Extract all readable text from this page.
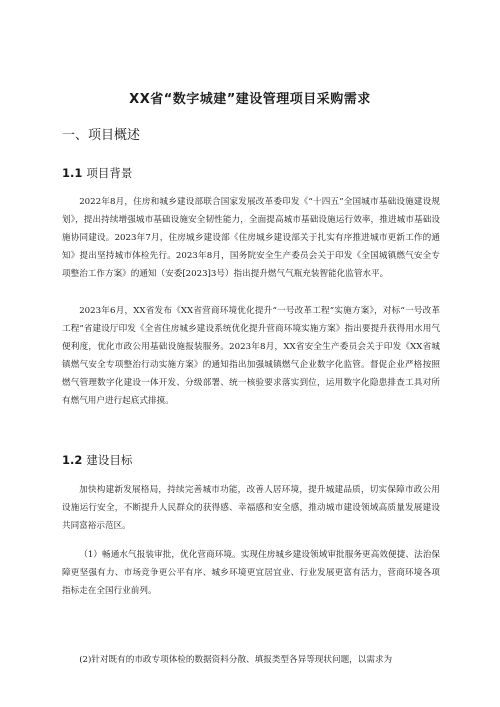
XX省“数字城建”建设管理项目采购需求
一、项目概述
1.1 项目背景

2022年8月，住房和城乡建设部联合国家发展改革委印发《“十四五”全国城市基础设施建设规划》，提出持续增强城市基础设施安全韧性能力，全面提高城市基础设施运行效率，推进城市基础设施协同建设。2023年7月，住房城乡建设部《住房城乡建设部关于扎实有序推进城市更新工作的通知》提出坚持城市体检先行。2023年8月，国务院安全生产委员会关于印发《全国城镇燃气安全专项整治工作方案》的通知（安委[2023]3号）指出提升燃气气瓶充装智能化监管水平。

2023年6月，XX省发布《XX省营商环境优化提升“一号改革工程”实施方案》，对标“一号改革工程”省建设厅印发《全省住房城乡建设系统优化提升营商环境实施方案》指出要提升获得用水用气便利度，优化市政公用基础设施报装服务。2023年8月，XX省安全生产委员会关于印发《XX省城镇燃气安全专项整治行动实施方案》的通知指出加强城镇燃气企业数字化监管。督促企业严格按照燃气管理数字化建设一体开发、分级部署、统一核验要求落实到位，运用数字化隐患排查工具对所有燃气用户进行起底式排摸。

1.2 建设目标

加快构建新发展格局，持续完善城市功能，改善人居环境，提升城建品质，切实保障市政公用设施运行安全，不断提升人民群众的获得感、幸福感和安全感，推动城市建设领域高质量发展建设共同富裕示范区。

（1）畅通水气报装审批，优化营商环境。实现住房城乡建设领域审批服务更高效便捷、法治保障更坚强有力、市场竞争更公平有序、城乡环境更宜居宜业、行业发展更富有活力，营商环境各项指标走在全国行业前列。

(2)针对既有的市政专项体检的数据资料分散、填报类型各异等现状问题，以需求为
